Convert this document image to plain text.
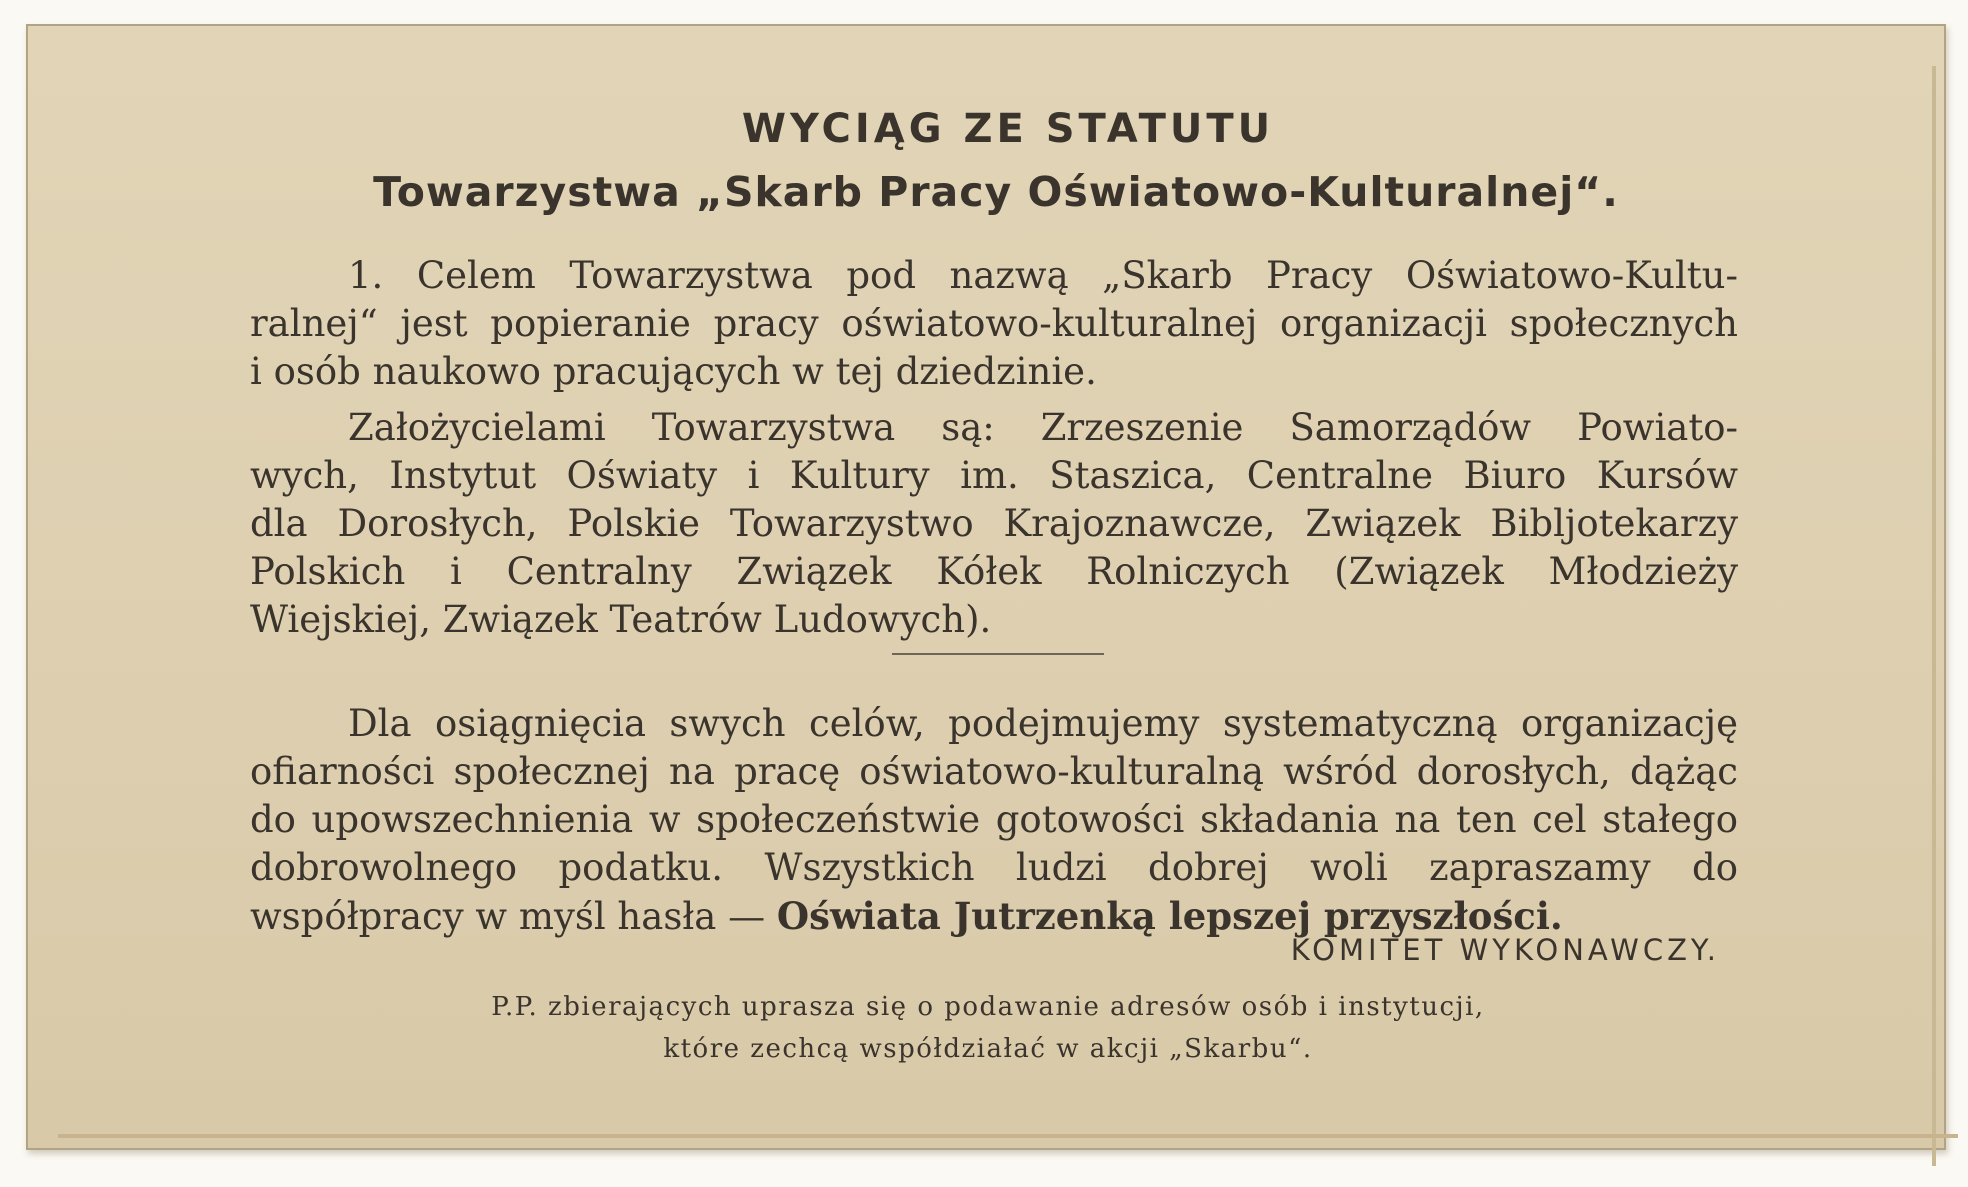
WYCIĄG ZE STATUTU
Towarzystwa „Skarb Pracy Oświatowo-Kulturalnej“.

1. Celem Towarzystwa pod nazwą „Skarb Pracy Oświatowo-Kultu-

ralnej“ jest popieranie pracy oświatowo-kulturalnej organizacji społecznych

i osób naukowo pracujących w tej dziedzinie.

Założycielami Towarzystwa są: Zrzeszenie Samorządów Powiato-

wych, Instytut Oświaty i Kultury im. Staszica, Centralne Biuro Kursów

dla Dorosłych, Polskie Towarzystwo Krajoznawcze, Związek Bibljotekarzy

Polskich i Centralny Związek Kółek Rolniczych (Związek Młodzieży

Wiejskiej, Związek Teatrów Ludowych).

Dla osiągnięcia swych celów, podejmujemy systematyczną organizację

ofiarności społecznej na pracę oświatowo-kulturalną wśród dorosłych, dążąc

do upowszechnienia w społeczeństwie gotowości składania na ten cel stałego

dobrowolnego podatku. Wszystkich ludzi dobrej woli zapraszamy do

współpracy w myśl hasła — Oświata Jutrzenką lepszej przyszłości.

KOMITET WYKONAWCZY.

P.P. zbierających uprasza się o podawanie adresów osób i instytucji,

które zechcą współdziałać w akcji „Skarbu“.
